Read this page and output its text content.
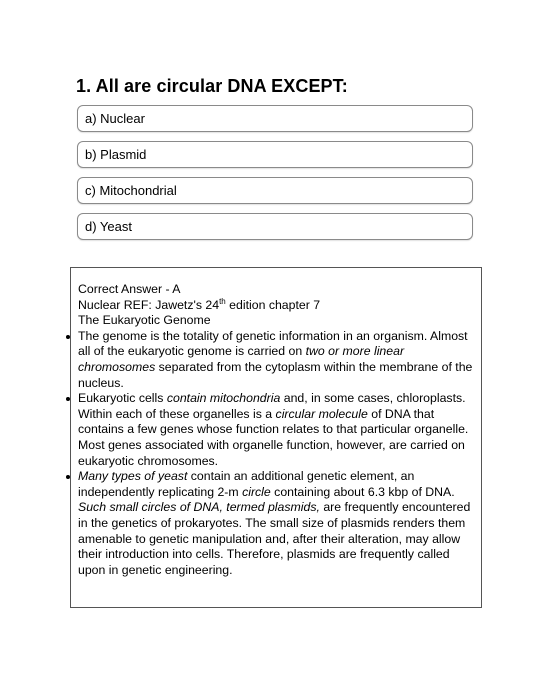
1. All are circular DNA EXCEPT:
a) Nuclear
b) Plasmid
c) Mitochondrial
d) Yeast

Correct Answer - A

Nuclear REF: Jawetz's 24th edition chapter 7

The Eukaryotic Genome

The genome is the totality of genetic information in an organism. Almost all of the eukaryotic genome is carried on two or more linear chromosomes separated from the cytoplasm within the membrane of the nucleus.
Eukaryotic cells contain mitochondria and, in some cases, chloroplasts. Within each of these organelles is a circular molecule of DNA that contains a few genes whose function relates to that particular organelle. Most genes associated with organelle function, however, are carried on eukaryotic chromosomes.
Many types of yeast contain an additional genetic element, an independently replicating 2-m circle containing about 6.3 kbp of DNA. Such small circles of DNA, termed plasmids, are frequently encountered in the genetics of prokaryotes. The small size of plasmids renders them amenable to genetic manipulation and, after their alteration, may allow their introduction into cells. Therefore, plasmids are frequently called upon in genetic engineering.
